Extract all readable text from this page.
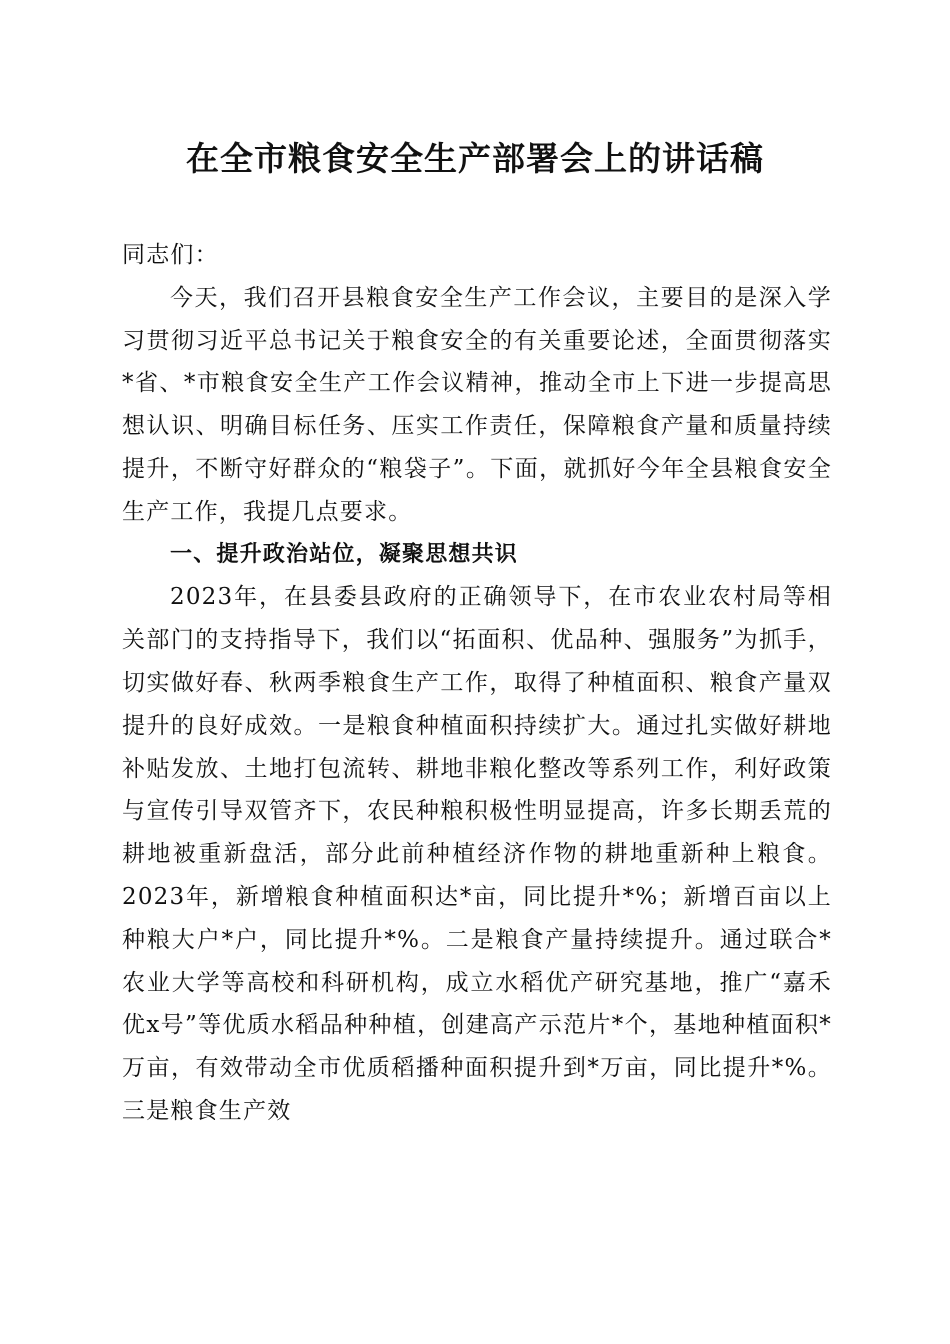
在全市粮食安全生产部署会上的讲话稿

同志们：

今天，我们召开县粮食安全生产工作会议，主要目的是深入学习贯彻习近平总书记关于粮食安全的有关重要论述，全面贯彻落实*省、*市粮食安全生产工作会议精神，推动全市上下进一步提高思想认识、明确目标任务、压实工作责任，保障粮食产量和质量持续提升，不断守好群众的“粮袋子”。下面，就抓好今年全县粮食安全生产工作，我提几点要求。

一、提升政治站位，凝聚思想共识

2023年，在县委县政府的正确领导下，在市农业农村局等相关部门的支持指导下，我们以“拓面积、优品种、强服务”为抓手，切实做好春、秋两季粮食生产工作，取得了种植面积、粮食产量双提升的良好成效。一是粮食种植面积持续扩大。通过扎实做好耕地补贴发放、土地打包流转、耕地非粮化整改等系列工作，利好政策与宣传引导双管齐下，农民种粮积极性明显提高，许多长期丢荒的耕地被重新盘活，部分此前种植经济作物的耕地重新种上粮食。2023年，新增粮食种植面积达*亩，同比提升*%；新增百亩以上种粮大户*户，同比提升*%。二是粮食产量持续提升。通过联合*农业大学等高校和科研机构，成立水稻优产研究基地，推广“嘉禾优x号”等优质水稻品种种植，创建高产示范片*个，基地种植面积*万亩，有效带动全市优质稻播种面积提升到*万亩，同比提升*%。三是粮食生产效
